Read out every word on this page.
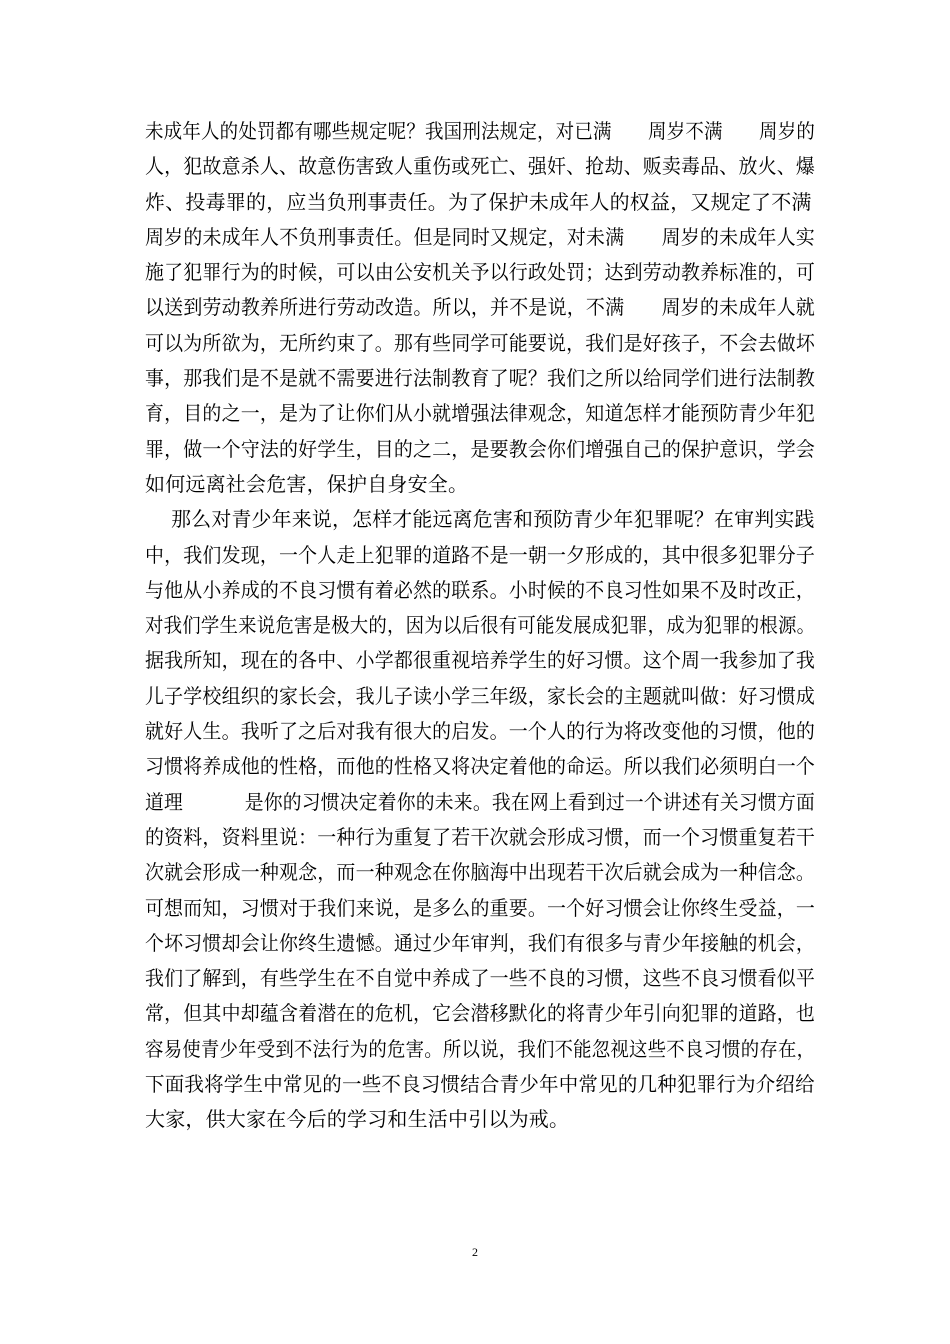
未成年人的处罚都有哪些规定呢？我国刑法规定，对已满      周岁不满      周岁的
人，犯故意杀人、故意伤害致人重伤或死亡、强奸、抢劫、贩卖毒品、放火、爆
炸、投毒罪的，应当负刑事责任。为了保护未成年人的权益，又规定了不满
周岁的未成年人不负刑事责任。但是同时又规定，对未满      周岁的未成年人实
施了犯罪行为的时候，可以由公安机关予以行政处罚；达到劳动教养标准的，可
以送到劳动教养所进行劳动改造。所以，并不是说，不满      周岁的未成年人就
可以为所欲为，无所约束了。那有些同学可能要说，我们是好孩子，不会去做坏
事，那我们是不是就不需要进行法制教育了呢？我们之所以给同学们进行法制教
育，目的之一，是为了让你们从小就增强法律观念，知道怎样才能预防青少年犯
罪，做一个守法的好学生，目的之二，是要教会你们增强自己的保护意识，学会
如何远离社会危害，保护自身安全。
那么对青少年来说，怎样才能远离危害和预防青少年犯罪呢？在审判实践
中，我们发现，一个人走上犯罪的道路不是一朝一夕形成的，其中很多犯罪分子
与他从小养成的不良习惯有着必然的联系。小时候的不良习性如果不及时改正，
对我们学生来说危害是极大的，因为以后很有可能发展成犯罪，成为犯罪的根源。
据我所知，现在的各中、小学都很重视培养学生的好习惯。这个周一我参加了我
儿子学校组织的家长会，我儿子读小学三年级，家长会的主题就叫做：好习惯成
就好人生。我听了之后对我有很大的启发。一个人的行为将改变他的习惯，他的
习惯将养成他的性格，而他的性格又将决定着他的命运。所以我们必须明白一个
道理          是你的习惯决定着你的未来。我在网上看到过一个讲述有关习惯方面
的资料，资料里说：一种行为重复了若干次就会形成习惯，而一个习惯重复若干
次就会形成一种观念，而一种观念在你脑海中出现若干次后就会成为一种信念。
可想而知，习惯对于我们来说，是多么的重要。一个好习惯会让你终生受益，一
个坏习惯却会让你终生遗憾。通过少年审判，我们有很多与青少年接触的机会，
我们了解到，有些学生在不自觉中养成了一些不良的习惯，这些不良习惯看似平
常，但其中却蕴含着潜在的危机，它会潜移默化的将青少年引向犯罪的道路，也
容易使青少年受到不法行为的危害。所以说，我们不能忽视这些不良习惯的存在，
下面我将学生中常见的一些不良习惯结合青少年中常见的几种犯罪行为介绍给
大家，供大家在今后的学习和生活中引以为戒。
2
